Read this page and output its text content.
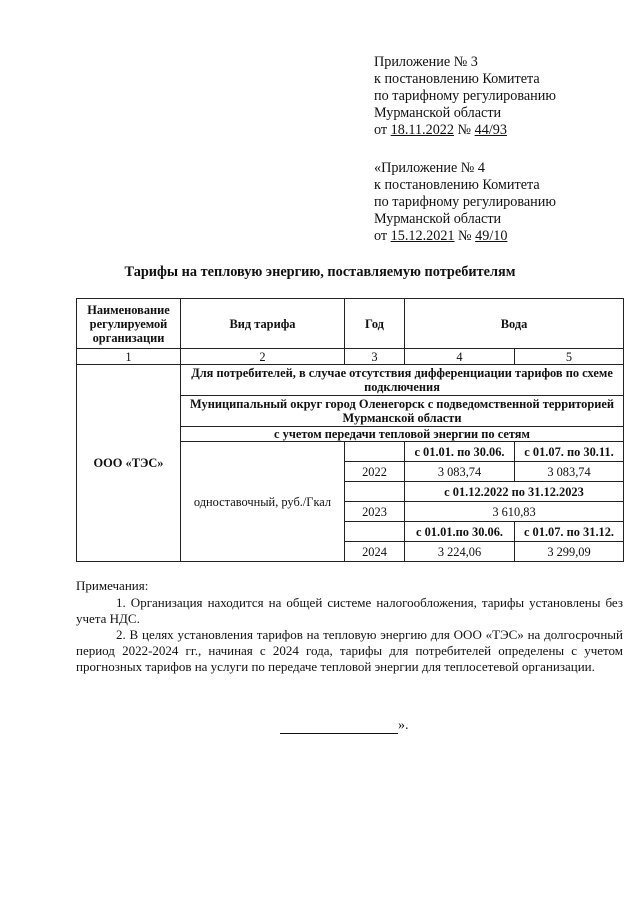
Приложение № 3
к постановлению Комитета
по тарифному регулированию
Мурманской области
от 18.11.2022 № 44/93
«Приложение № 4
к постановлению Комитета
по тарифному регулированию
Мурманской области
от 15.12.2021 № 49/10
Тарифы на тепловую энергию, поставляемую потребителям
Наименование регулируемой организации	Вид тарифа	Год	Вода	
1	2	3	4	5
ООО «ТЭС»	Для потребителей, в случае отсутствия дифференциации тарифов по схеме подключения			
	Муниципальный округ город Оленегорск с подведомственной территорией Мурманской области			
	с учетом передачи тепловой энергии по сетям			
	одноставочный, руб./Гкал		с 01.01. по 30.06.	с 01.07. по 30.11.
		2022	3 083,74	3 083,74
			с 01.12.2022 по 31.12.2023	
		2023	3 610,83	
			с 01.01.по 30.06.	с 01.07. по 31.12.
		2024	3 224,06	3 299,09
Примечания:
1. Организация находится на общей системе налогообложения, тарифы установлены без учета НДС.
2. В целях установления тарифов на тепловую энергию для ООО «ТЭС» на долгосрочный период 2022-2024 гг., начиная с 2024 года, тарифы для потребителей определены с учетом прогнозных тарифов на услуги по передаче тепловой энергии для теплосетевой организации.
».
